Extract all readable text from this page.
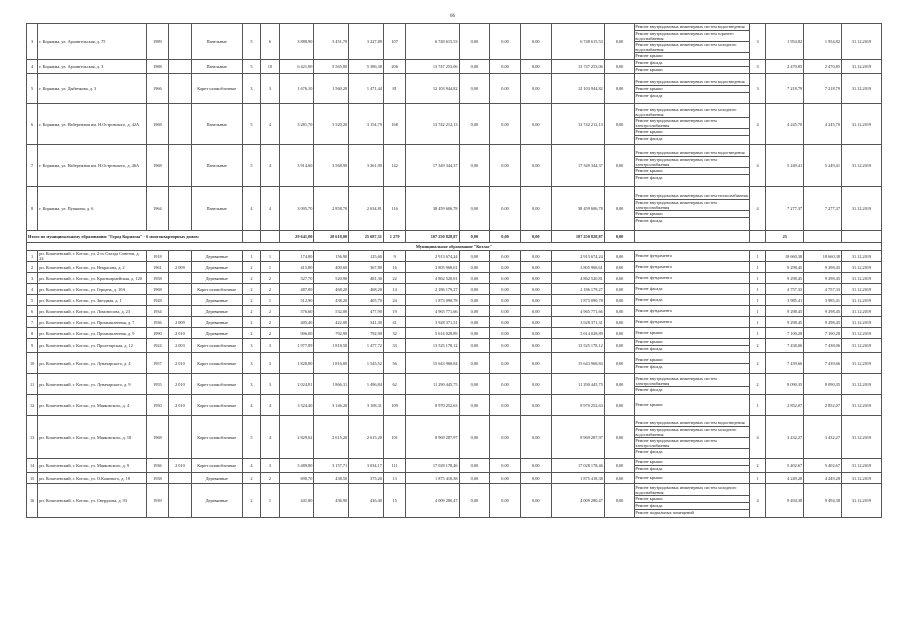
66
3	г. Коряжма, ул. Архангельская, д. 75	1989		Панельные	5	6	3 888,90	3 451,70	3 227,89	107	6 748 615,53	0,00	0,00	0,00	6 748 615,53	0,00	Ремонт внутридомовых инженерных систем водоотведения
Ремонт внутридомовых инженерных систем горячего водоснабжения
Ремонт внутридомовых инженерных систем холодного водоснабжения
Ремонт крыши	3	1 954,82	1 954,82	31.12.2019
4	г. Коряжма, ул. Архангельская, д. 3	1988		Панельные	5	10	6 421,90	5 565,00	5 386,38	206	13 747 253,06	0,00	0,00	0,00	13 747 253,06	0,00	Ремонт фасада
Ремонт крыши	3	2 470,85	2 470,85	31.12.2019
5	г. Коряжма, ул. Дыбенкова, д. 3	1966		Карпт шлакоблочные	3	3	1 676,10	1 560,20	1 471,44	81	12 103 944,82	0,00	0,00	0,00	12 103 944,82	0,00	Ремонт внутридомовых инженерных систем водоотведения
Ремонт крыши
Ремонт фасада	3	7 218,79	7 218,79	31.12.2019
6	г. Коряжма, ул. Набережная им. Н.Островского, д. 42А	1968		Панельные	5	4	3 281,70	3 520,20	3 154,79	168	13 742 212,13	0,00	0,00	0,00	13 742 212,13	0,00	Ремонт внутридомовых инженерных систем холодного водоснабжения
Ремонт внутридомовых инженерных систем электроснабжения
Ремонт крыши
Ремонт фасада	4	4 245,70	4 245,70	31.12.2019
7	г. Коряжма, ул. Набережная им. Н.Островского, д. 46А	1968		Панельные	5	4	3 914,60	3 568,90	3 261,90	142	17 349 344,37	0,00	0,00	0,00	17 349 344,37	0,00	Ремонт внутридомовых инженерных систем водоотведения
Ремонт внутридомовых инженерных систем электроснабжения
Ремонт крыши
Ремонт фасада	4	5 249,41	5 249,41	31.12.2019
8	г. Коряжма, ул. Пушкина, д. 6	1964		Панельные	4	4	3 095,70	2 858,70	2 634,81	116	38 459 606,78	0,00	0,00	0,00	38 459 606,78	0,00	Ремонт внутридомовых инженерных систем теплоснабжения
Ремонт внутридомовых инженерных систем электроснабжения
Ремонт крыши
Ремонт фасада	4	7 277,37	7 277,37	31.12.2019
Итого по муниципальному образованию "Город Коряжма" - 6 многоквартирных домов:							29 641,00	28 618,00	25 687,31	1 279	107 250 828,87	0,00	0,00	0,00	107 250 828,87	0,00			25		
Муниципальное образование "Котлас"																					
1	рп. Кошелевский, г. Котлас, ул. 2-го Съезда Советов, д. 24	1918		Деревянные	1	1	174,80	156,90	125,60	9	2 913 674,24	0,00	0,00	0,00	2 913 674,24	0,00	Ремонт фундамента	1	18 660,38	18 660,38	31.12.2019
2	рп. Кошелевский, г. Котлас, ул. Некрасова, д. 2	1961	2 009	Деревянные	2	1	415,80	400,60	367,80	16	3 805 968,61	0,00	0,00	0,00	3 805 968,61	0,00	Ремонт фундамента	1	9 298,45	9 298,45	31.12.2019
3	рп. Кошелевский, г. Котлас, ул. Красноармейская, д. 120	1958		Деревянные	2	2	527,70	520,90	481,30	22	4 862 520,81	0,00	0,00	0,00	4 862 520,81	0,00	Ремонт фундамента	1	9 298,45	9 298,45	31.12.2019
4	рп. Кошелевский, г. Котлас, ул. Герцена, д. 10А	1968		Карпт шлакоблочные	2	2	487,00	468,20	468,20	14	2 186 179,27	0,00	0,00	0,00	2 186 179,27	0,00	Ремонт фасада	1	4 757,33	4 757,33	31.12.2019
5	рп. Кошелевский, г. Котлас, ул. Звездная, д. 1	1928		Деревянные	2	1	512,90	438,20	405,70	24	1 873 090,78	0,00	0,00	0,00	1 873 090,78	0,00	Ремонт фасада	1	3 985,41	3 985,41	31.12.2019
6	рп. Кошелевский, г. Котлас, ул. Ломоносова, д. 23	1934		Деревянные	2	2	576,60	532,00	477,90	19	4 965 771,66	0,00	0,00	0,00	4 965 771,66	0,00	Ремонт фундамента	1	9 298,45	9 298,45	31.12.2019
7	рп. Кошелевский, г. Котлас, ул. Промышленная, д. 7	1936	2 009	Деревянные	2	2	405,40	422,00	341,30	41	3 928 371,31	0,00	0,00	0,00	3 928 371,31	0,00	Ремонт фундамента	1	9 298,45	9 298,45	31.12.2019
8	рп. Кошелевский, г. Котлас, ул. Промышленная, д. 9	1990	2 010	Деревянные	2	2	906,00	792,90	792,90	32	5 614 028,89	0,00	0,00	0,00	5 614 028,89	0,00	Ремонт крыши	1	7 100,28	7 100,28	31.12.2019
9	рп. Кошелевский, г. Котлас, ул. Пролетарская, д. 12	1924	2 003	Карпт шлакоблочные	3	3	1 977,89	1 818,50	1 477,72	33	13 525 178,12	0,00	0,00	0,00	13 525 178,12	0,00	Ремонт крыши
Ремонт фасада	2	7 438,06	7 438,06	31.12.2019
10	рп. Кошелевский, г. Котлас, ул. Луначарского, д. 4	1957	2 010	Карпт шлакоблочные	3	3	1 828,80	1 816,00	1 545,52	56	15 643 968,84	0,00	0,00	0,00	15 643 968,84	0,00	Ремонт крыши
Ремонт фасада	2	7 439,66	7 439,66	31.12.2019
11	рп. Кошелевский, г. Котлас, ул. Луначарского, д. 9	1955	2 010	Карпт шлакоблочные	3	3	2 024,81	1 866,31	1 496,84	62	11 290 445,75	0,00	0,00	0,00	11 290 445,75	0,00	Ремонт внутридомовых инженерных систем электроснабжения
Ремонт фасада	2	8 090,35	8 090,35	31.12.2019
12	рп. Кошелевский, г. Котлас, ул. Маяковского, д. 4	1950	2 010	Карпт шлакоблочные	4	4	3 324,40	3 146,20	3 108,31	109	8 970 252,63	0,00	0,00	0,00	8 970 252,63	0,00	Ремонт крыши	1	2 852,07	2 852,07	31.12.2019
13	рп. Кошелевский, г. Котлас, ул. Маяковского, д. 18	1968		Карпт шлакоблочные	5	4	2 829,02	2 615,20	2 615,20	101	8 969 287,97	0,00	0,00	0,00	8 969 287,97	0,00	Ремонт внутридомовых инженерных систем водоотведения
Ремонт внутридомовых инженерных систем холодного водоснабжения
Ремонт внутридомовых инженерных систем электроснабжения
Ремонт фасада	4	3 432,27	3 432,27	31.12.2019
14	рп. Кошелевский, г. Котлас, ул. Маяковского, д. 9	1936	2 010	Карпт шлакоблочные	4	3	3 489,80	3 157,71	3 034,17	111	17 028 178,46	0,00	0,00	0,00	17 028 178,46	0,00	Ремонт крыши
Ремонт фасада	2	5 402,67	5 402,67	31.12.2019
15	рп. Кошелевский, г. Котлас, ул. О.Кошевого, д. 18	1938		Деревянные	2	2	690,70	438,50	375,20	13	1 875 418,38	0,00	0,00	0,00	1 875 418,38	0,00	Ремонт крыши	1	4 249,28	4 249,28	31.12.2019
16	рп. Кошелевский, г. Котлас, ул. Свердлова, д. 93	1939		Деревянные	2	1	441,80	436,90	416,40	15	4 009 280,47	0,00	0,00	0,00	4 009 280,47	0,00	Ремонт внутридомовых инженерных систем холодного водоснабжения
Ремонт крыши
Ремонт фасада
Ремонт подвальных помещений	4	9 494,38	9 494,38	31.12.2019
